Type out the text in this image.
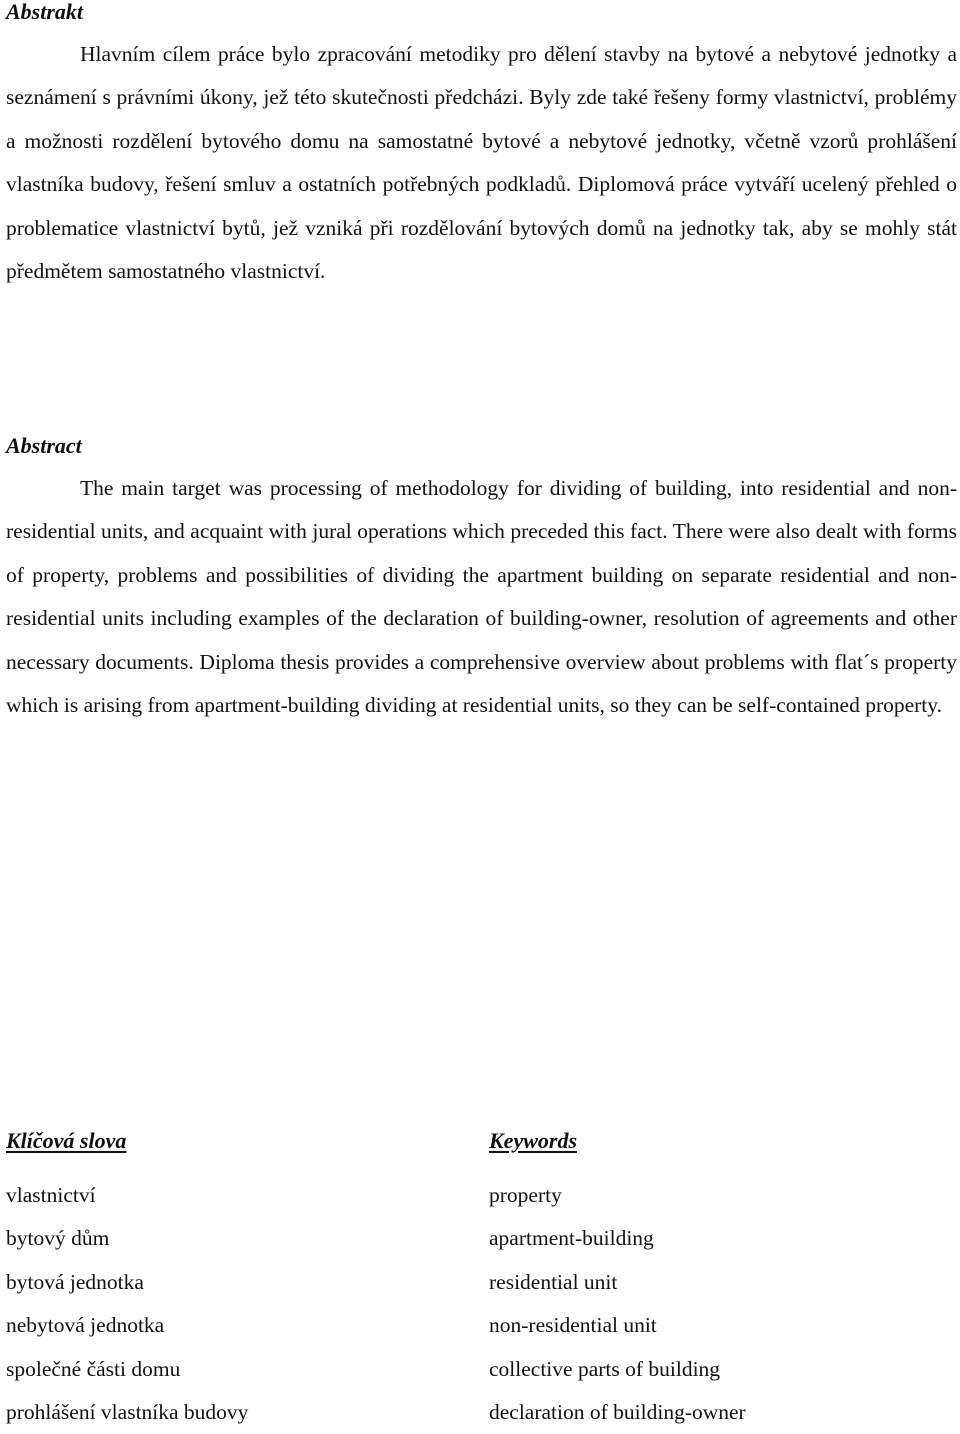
Abstrakt

Hlavním cílem práce bylo zpracování metodiky pro dělení stavby na bytové a nebytové jednotky a seznámení s právními úkony, jež této skutečnosti předcházi. Byly zde také řešeny formy vlastnictví, problémy a možnosti rozdělení bytového domu na samostatné bytové a nebytové jednotky, včetně vzorů prohlášení vlastníka budovy, řešení smluv a ostatních potřebných podkladů. Diplomová práce vytváří ucelený přehled o problematice vlastnictví bytů, jež vzniká při rozdělování bytových domů na jednotky tak, aby se mohly stát předmětem samostatného vlastnictví.

Abstract

The main target was processing of methodology for dividing of building, into residential and non-residential units, and acquaint with jural operations which preceded this fact. There were also dealt with forms of property, problems and possibilities of dividing the apartment building on separate residential and non-residential units including examples of the declaration of building-owner, resolution of agreements and other necessary documents. Diploma thesis provides a comprehensive overview about problems with flat´s property which is arising from apartment-building dividing at residential units, so they can be self-contained property.

Klíčová slova
vlastnictví
bytový dům
bytová jednotka
nebytová jednotka
společné části domu
prohlášení vlastníka budovy
Keywords
property
apartment-building
residential unit
non-residential unit
collective parts of building
declaration of building-owner
